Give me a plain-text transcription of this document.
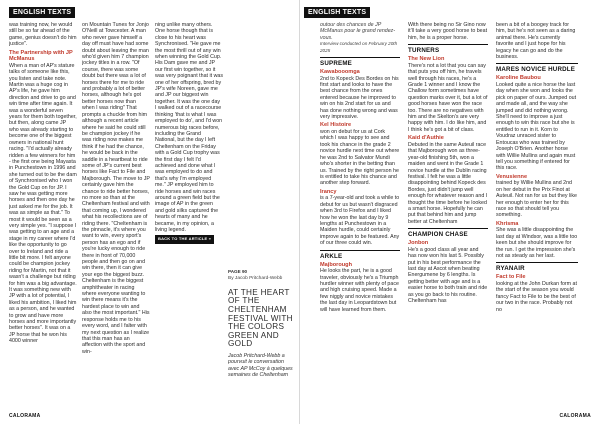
ENGLISH TEXTS

was training now, he would still be so far ahead of the game, genius doesn't do him justice".

The Partnership with JP McManus

When a man of AP's stature talks of someone like this, you listen and take note. Martin was a huge cog in AP's life, he gave him direction and drive to go and win time after time again. It was a wonderful seven years for them both together, but then, along came JP who was already starting to become one of the biggest owners in national hunt racing. "I'd actually already ridden a few winners for him - the first one being Mayasta in Punchestown in 1996 and she turned out to be the dam of Synchronised who I won the Gold Cup on for JP. I saw he was getting more horses and then one day he just asked me for the job. It was as simple as that." To most it would be seen as a very simple yes. "I suppose I was getting to an age and a stage in my career where I'd like the opportunity to go over to Ireland and ride a little bit more. I felt anyone could be champion jockey riding for Martin, not that it wasn't a challenge but riding for him was a big advantage. It was something new with JP with a lot of potential, I liked his ambition, I liked him as a person, and he wanted to grow and have more horses and more importantly better horses". It was on a JP horse that he won his 4000 winner

on Mountain Tunes for Jonjo O'Neill at Towcester. A man who never gave himself a day off must have had some doubt about leaving the man who'd given him 7 champion jockey titles in a row. "Of course, there was some doubt but there was a lot of horses there for me to ride and probably a lot of better horses, although he's got better horses now than when I was riding" That prompts a chuckle from him although a recent article where he said he could still be champion jockey if he was riding now makes me think if he had the chance, he would be back in the saddle in a heartbeat to ride some of JP's current best horses like Fact to File and Majborough. The move to JP certainly gave him the chance to ride better horses, no more so than at the Cheltenham festival and with that coming up, I wondered what his recollections are of riding there. "Cheltenham is the pinnacle, it's where you want to win, every sport's person has an ego and if you're lucky enough to ride there in front of 70,000 people and then go on and win there, then it can give your ego the biggest buzz. Cheltenham is the biggest amphitheater in racing where everyone wanting to win there means it's the hardest place to win and also the most important." His response holds me to his every word, and I falter with my next question as I realize that this man has an affection with the sport and win-

ning unlike many others. One horse though that is close to his heart was Synchronised. "He gave me the most thrill out of any win when winning the Gold Cup. His Dam gave me and JP our first win together, so it was very poignant that it was one of her offspring, bred by JP's wife Noreen, gave me and JP our biggest win together. It was the one day I walked out of a racecourse thinking 'that is what I was employed to do', and I'd won numerous big races before, including the Grand National, but the day I left Cheltenham on the Friday with a Gold Cup trophy was the first day I felt I'd achieved and done what I was employed to do and that's why I'm employed me." JP employed him to ride horses and win races around a green field but the image of AP in the green and gold silks captured the hearts of many and he became, in my opinion, a living legend.

BACK TO THE ARTICLE »
PAGE 90
By Jacob Pritchard-Webb
AT THE HEART OF THE CHELTENHAM FESTIVAL WITH THE COLORS GREEN AND GOLD

Jacob Pritchard-Webb a pourvuit le conversation avec AP McCoy à quelques semaines de Cheltenham

CALORAMA
ENGLISH TEXTS

outour des chances de JP McManus pour le grand rendez-vous.

Interview conducted on February 20th 2025

SUPREME
Kawabooomga

2nd to Kopeck Des Bordes on his first start and looks to have the best chance from the ones entered because he improved to win on his 2nd start for us and has done nothing wrong and was very impressive.

Kel Histoire

won on debut for us at Cork which I was happy to see and took his chance in the grade 2 novice hurdle next time out where he was 2nd to Salvator Mundi who's shorter in the betting than us. Trained by the right person he is entitled to take his chance and another step forward.

Irancy

is a 7-year-old and took a while to debut for us but wasn't disgraced when 3rd to Firefox and I liked how he won the last day by 9 lengths at Punchestown in a Maiden hurdle, could certainly improve again to be featured. Any of our three could win.

ARKLE
Majborough

He looks the part, he is a good traveler, obviously he's a Triumph hurdler winner with plenty of pace and high cruising speed. Made a few niggly and novice mistakes the last day in Leopardstown but will have learned from them.

With there being no Sir Gino now it'll take a very good horse to beat him, he is a proper horse.

TURNERS
The New Lion

There's not a lot that you can say that puts you off him, he travels well through his races, he's a Grade 1 winner and I know the Challow form sometimes have question marks over it, but a lot of good horses have won the race too. There are no negatives with him and the Skelton's are very happy with him. I do like him, and I think he's got a bit of class.

Kaid d'Authie

Debuted in the same Auteuil race that Majborough won as three-year-old finishing 5th, won a maiden and went in the Grade 1 novice hurdle at the Dublin racing festival. I felt he was a little disappointing behind Kopeck des Bordes, just didn't jump well enough for whatever reason and I thought the time before he looked a smart horse. Hopefully he can put that behind him and jump better at Cheltenham

CHAMPION CHASE
Jonbon

He's a good class all year and has now won his last 5. Possibly put in his best performance the last day at Ascot when beating Energumene by 6 lengths. Is getting better with age and is a easier horse to both train and ride as you go back to his routine. Cheltenham has

been a bit of a boogey track for him, but he's not seen as a daring animal there. He's currently favorite and I just hope for his legacy he can go and do the business.

MARES NOVICE HURDLE
Karoline Baubou

Looked quite a nice horse the last day when she won and looks the pick on paper of ours. Jumped out and made all, and the way she jumped and did nothing wrong. She'll need to improve a just enough to win this race but she is entitled to run in it. Korn to Voudraz unraced sister to Entoucas who was trained by Joseph O'Brien. Another horse with Willie Mullins and again must tell you something if entered for this race.

Venusienne

trained by Willie Mullins and 2nd on her debut in the Prix Finot at Auteuil. Not ran for us but they like her enough to enter her for this race so that should tell you something.

Khrisma

She was a little disappointing the last day at Windsor, was a little too keen but she should improve for the run. I get the impression she's not as steady as her last.

RYANAIR
Fact to File

looking at the John Durkan form at the start of the season you would fancy Fact to File to be the best of our two in the race. Probably not no

CALORAMA
